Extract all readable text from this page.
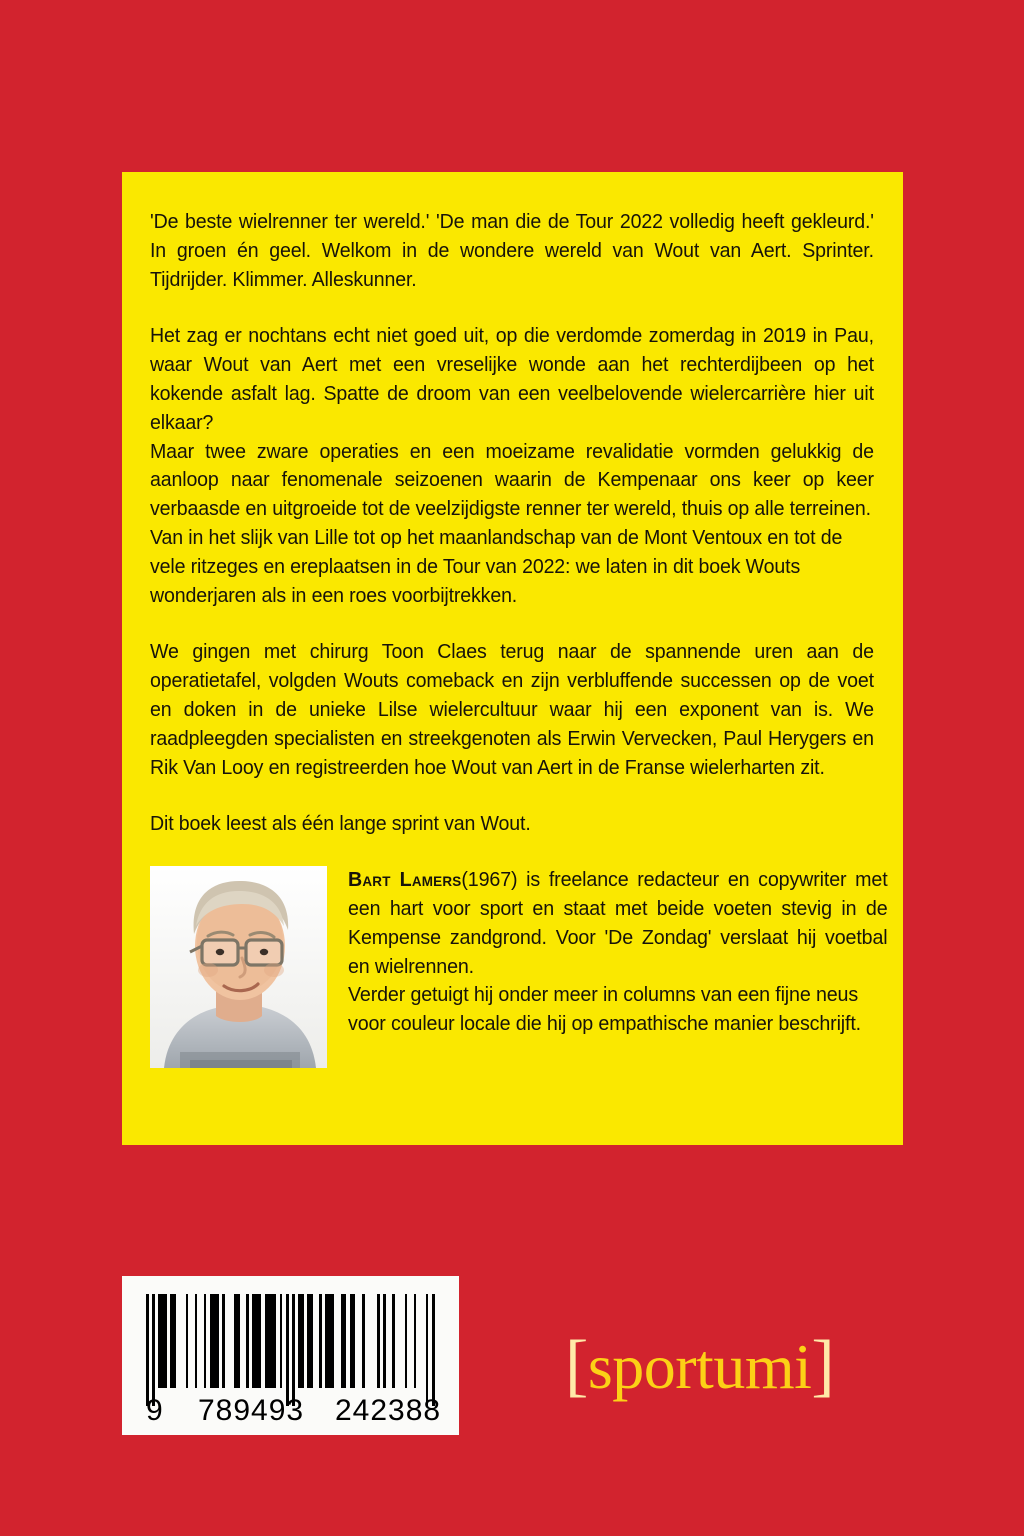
'De beste wielrenner ter wereld.' 'De man die de Tour 2022 volledig heeft gekleurd.' In groen én geel. Welkom in de wondere wereld van Wout van Aert. Sprinter. Tijdrijder. Klimmer. Alleskunner.

Het zag er nochtans echt niet goed uit, op die verdomde zomerdag in 2019 in Pau, waar Wout van Aert met een vreselijke wonde aan het rechterdijbeen op het kokende asfalt lag. Spatte de droom van een veelbelovende wielercarrière hier uit elkaar?

Maar twee zware operaties en een moeizame revalidatie vormden gelukkig de aanloop naar fenomenale seizoenen waarin de Kempenaar ons keer op keer verbaasde en uitgroeide tot de veelzijdigste renner ter wereld, thuis op alle terreinen.

Van in het slijk van Lille tot op het maanlandschap van de Mont Ventoux en tot de vele ritzeges en ereplaatsen in de Tour van 2022: we laten in dit boek Wouts wonderjaren als in een roes voorbijtrekken.

We gingen met chirurg Toon Claes terug naar de spannende uren aan de operatietafel, volgden Wouts comeback en zijn verbluffende successen op de voet en doken in de unieke Lilse wielercultuur waar hij een exponent van is. We raadpleegden specialisten en streekgenoten als Erwin Vervecken, Paul Herygers en Rik Van Looy en registreerden hoe Wout van Aert in de Franse wielerharten zit.

Dit boek leest als één lange sprint van Wout.

Bart Lamers(1967) is freelance redacteur en copywriter met een hart voor sport en staat met beide voeten stevig in de Kempense zandgrond. Voor 'De Zondag' verslaat hij voetbal en wielrennen.

Verder getuigt hij onder meer in columns van een fijne neus voor couleur locale die hij op empathische manier beschrijft.

9 789493 242388
[sportumi]
